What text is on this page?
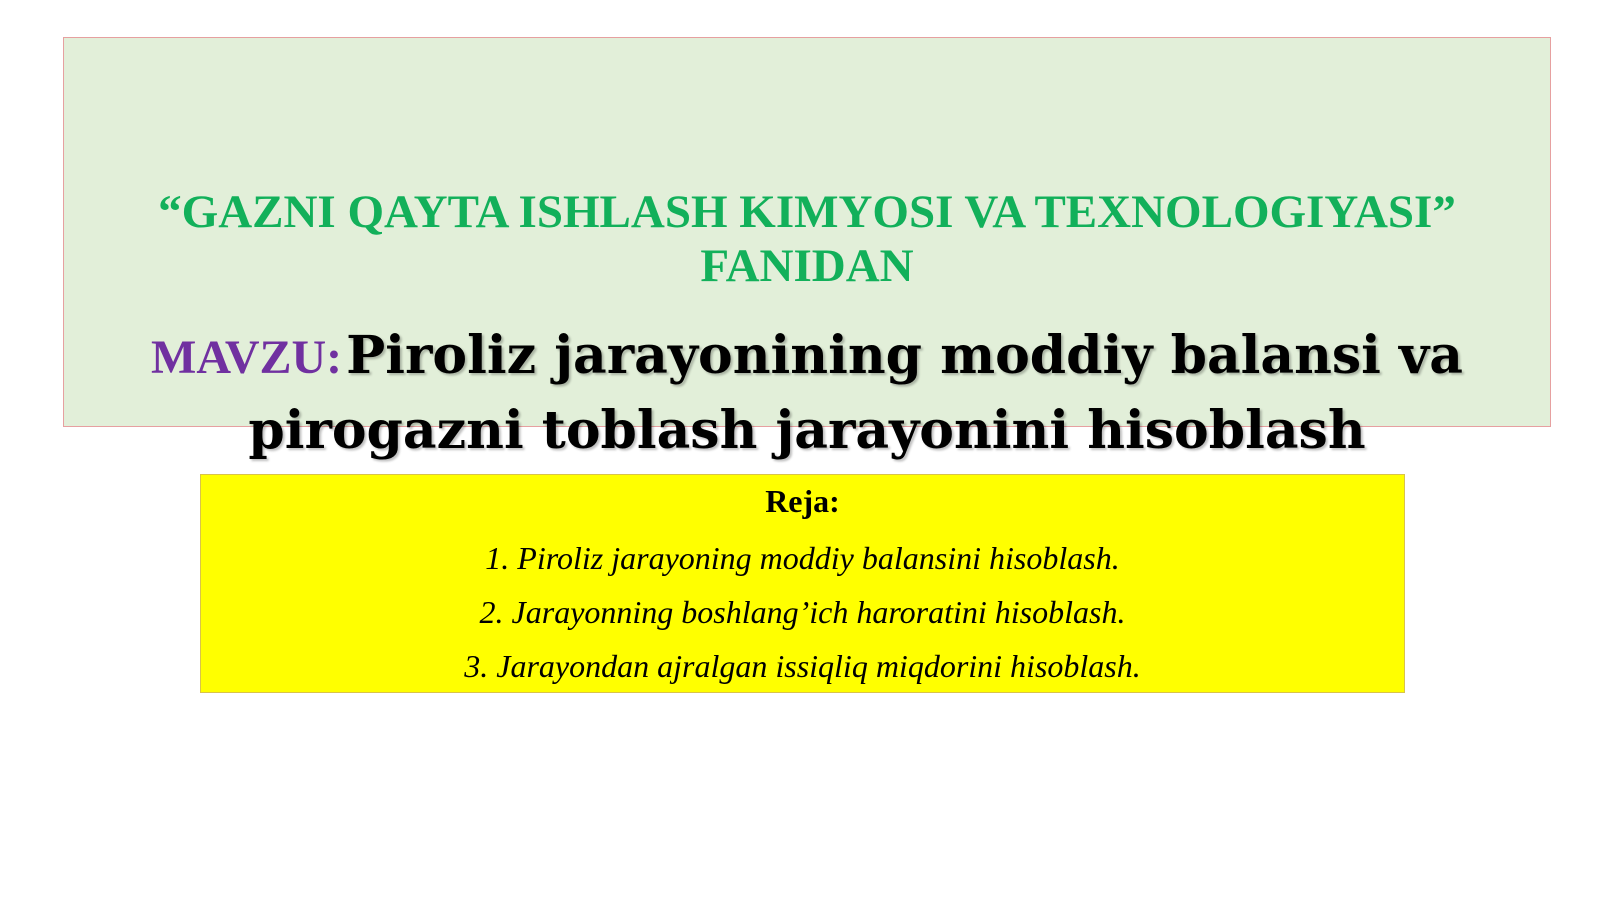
“GAZNI QAYTA ISHLASH KIMYOSI VA TEXNOLOGIYASI” FANIDAN

MAVZU: Piroliz jarayonining moddiy balansi va pirogazni toblash jarayonini hisoblash

Reja:

1. Piroliz jarayoning moddiy balansini hisoblash.
2. Jarayonning boshlang’ich haroratini hisoblash.
3. Jarayondan ajralgan issiqliq miqdorini hisoblash.
